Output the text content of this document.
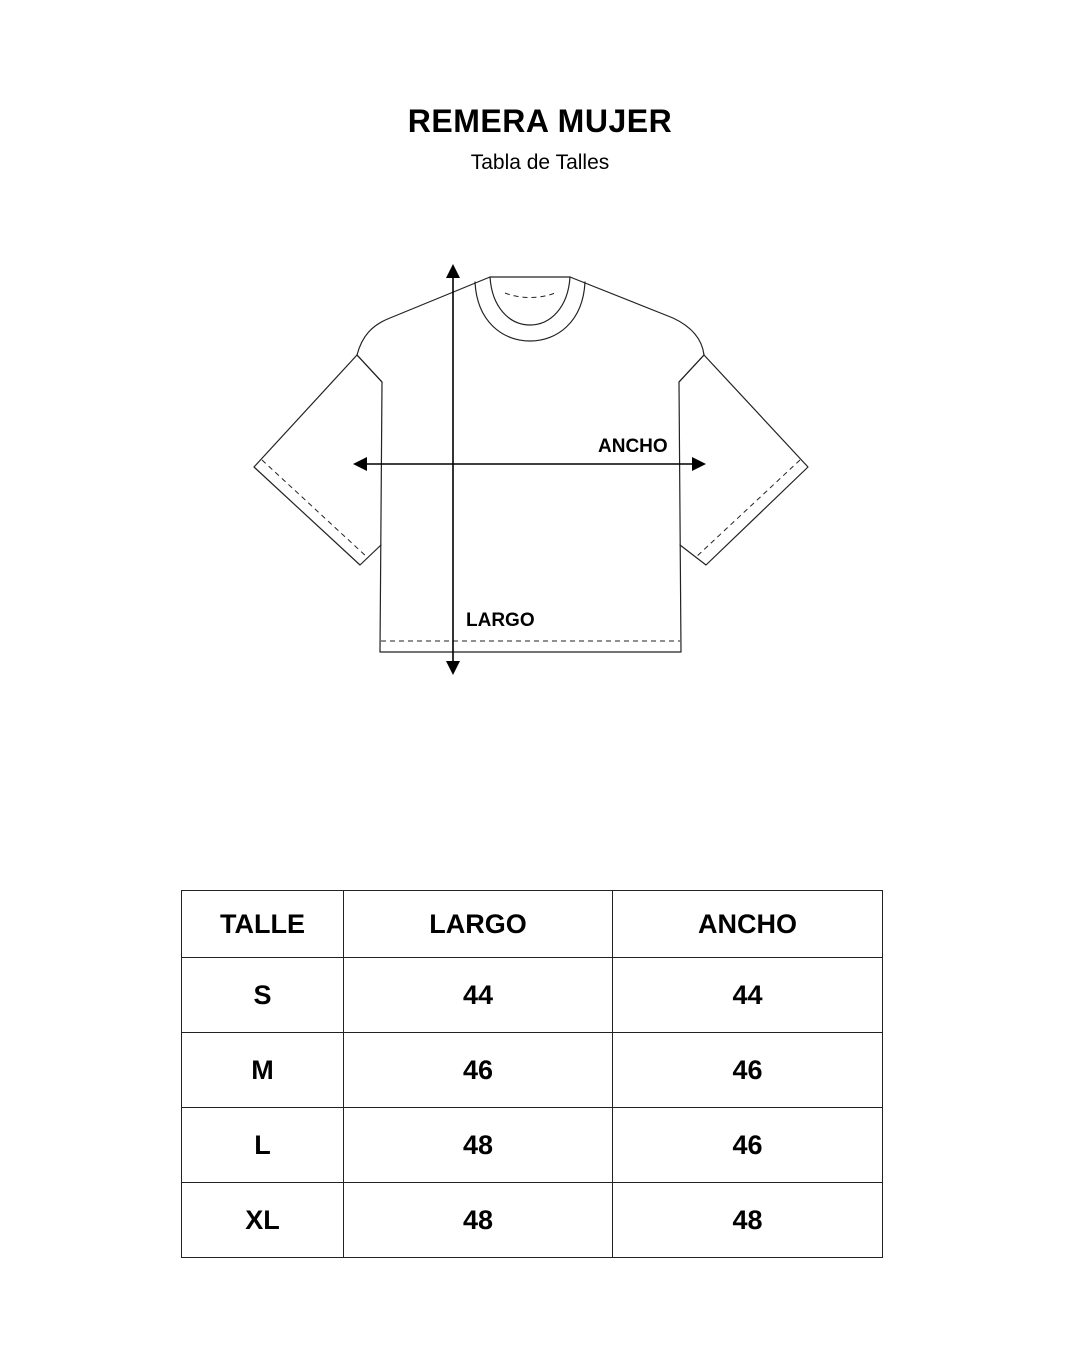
REMERA MUJER
Tabla de Talles
ANCHO
LARGO
TALLE	LARGO	ANCHO
S	44	44
M	46	46
L	48	46
XL	48	48
